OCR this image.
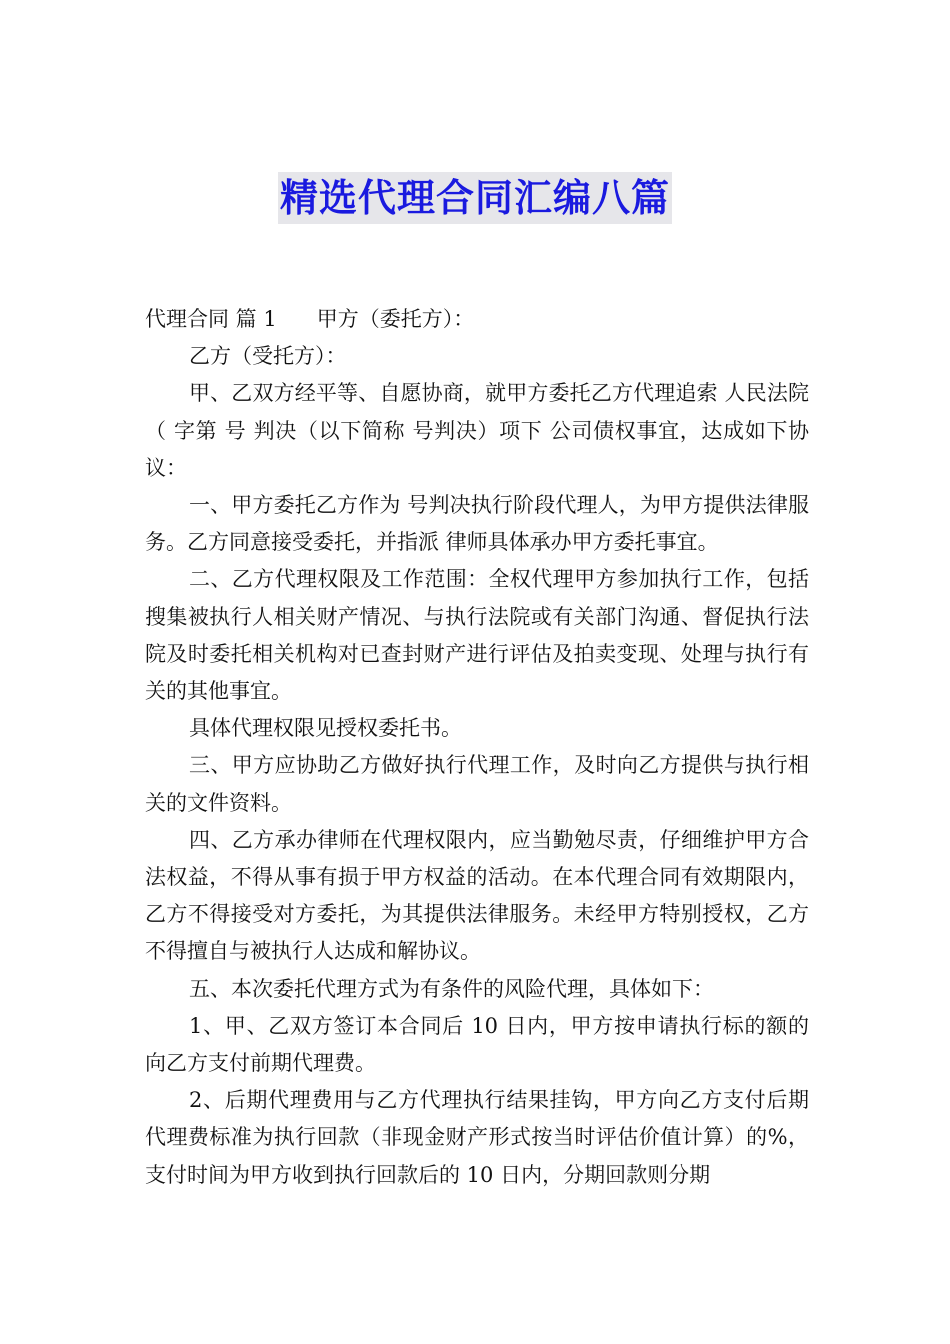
精选代理合同汇编八篇

代理合同 篇 1 甲方（委托方）：

乙方（受托方）：

甲、乙双方经平等、自愿协商，就甲方委托乙方代理追索 人民法院（ 字第 号 判决（以下简称 号判决）项下 公司债权事宜，达成如下协议：

一、甲方委托乙方作为 号判决执行阶段代理人，为甲方提供法律服务。乙方同意接受委托，并指派 律师具体承办甲方委托事宜。

二、乙方代理权限及工作范围：全权代理甲方参加执行工作，包括搜集被执行人相关财产情况、与执行法院或有关部门沟通、督促执行法院及时委托相关机构对已查封财产进行评估及拍卖变现、处理与执行有关的其他事宜。

具体代理权限见授权委托书。

三、甲方应协助乙方做好执行代理工作，及时向乙方提供与执行相关的文件资料。

四、乙方承办律师在代理权限内，应当勤勉尽责，仔细维护甲方合法权益，不得从事有损于甲方权益的活动。在本代理合同有效期限内，乙方不得接受对方委托，为其提供法律服务。未经甲方特别授权，乙方不得擅自与被执行人达成和解协议。

五、本次委托代理方式为有条件的风险代理，具体如下：

1、甲、乙双方签订本合同后 10 日内，甲方按申请执行标的额的 向乙方支付前期代理费。

2、后期代理费用与乙方代理执行结果挂钩，甲方向乙方支付后期代理费标准为执行回款（非现金财产形式按当时评估价值计算）的%，支付时间为甲方收到执行回款后的 10 日内，分期回款则分期
